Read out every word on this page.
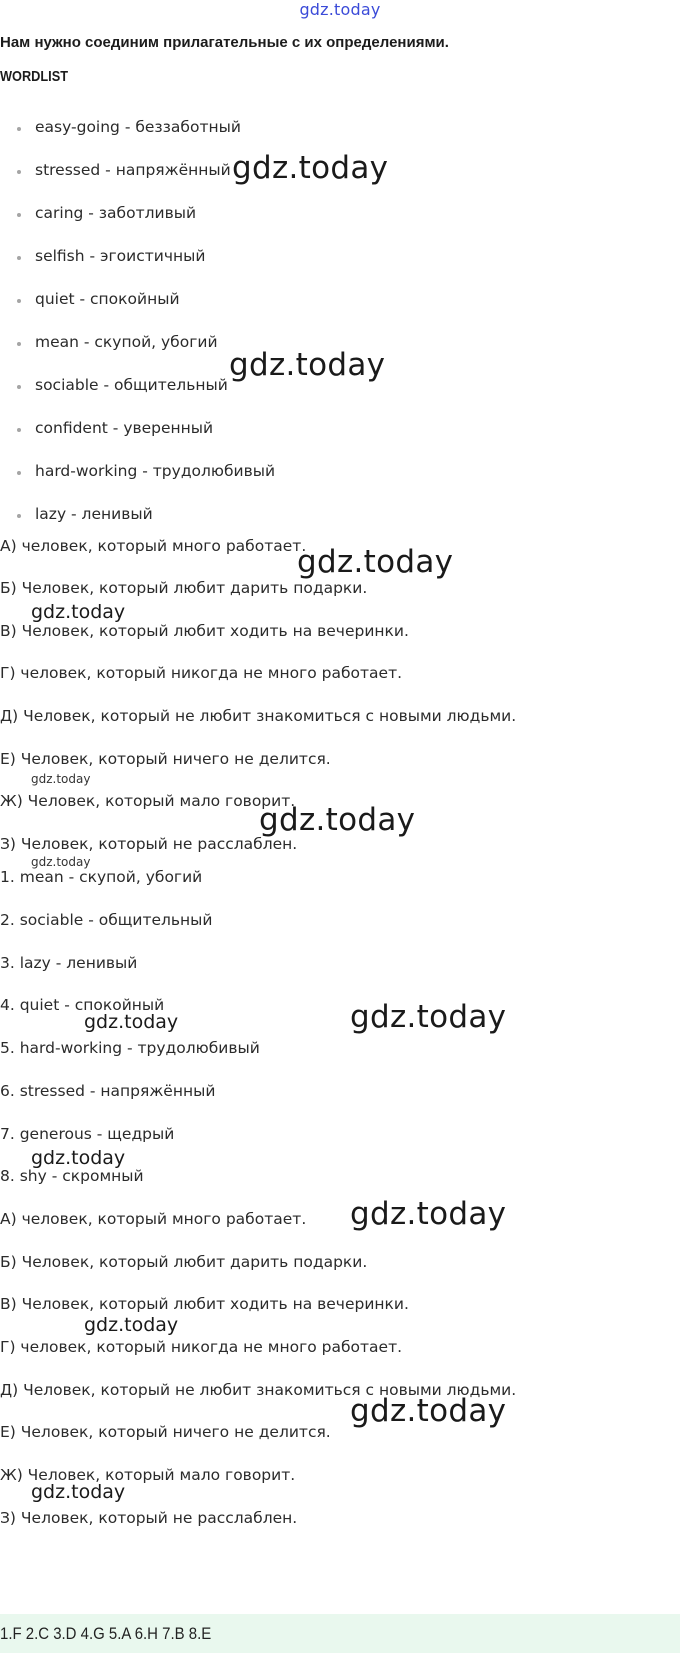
gdz.today
Нам нужно соединим прилагательные с их определениями.
WORDLIST
easy-going - беззаботный
stressed - напряжённый
caring - заботливый
selfish - эгоистичный
quiet - спокойный
mean - скупой, убогий
sociable - общительный
confident - уверенный
hard-working - трудолюбивый
lazy - ленивый
А) человек, который много работает.
Б) Человек, который любит дарить подарки.
В) Человек, который любит ходить на вечеринки.
Г) человек, который никогда не много работает.
Д) Человек, который не любит знакомиться с новыми людьми.
Е) Человек, который ничего не делится.
Ж) Человек, который мало говорит.
З) Человек, который не расслаблен.
1. mean - скупой, убогий
2. sociable - общительный
3. lazy - ленивый
4. quiet - спокойный
5. hard-working - трудолюбивый
6. stressed - напряжённый
7. generous - щедрый
8. shy - скромный
А) человек, который много работает.
Б) Человек, который любит дарить подарки.
В) Человек, который любит ходить на вечеринки.
Г) человек, который никогда не много работает.
Д) Человек, который не любит знакомиться с новыми людьми.
Е) Человек, который ничего не делится.
Ж) Человек, который мало говорит.
З) Человек, который не расслаблен.
1.F 2.C 3.D 4.G 5.A 6.H 7.B 8.E
gdz.today
gdz.today
gdz.today
gdz.today
gdz.today
gdz.today
gdz.today
gdz.today	gdz.today
gdz.today
gdz.today
gdz.today
gdz.today
gdz.today
